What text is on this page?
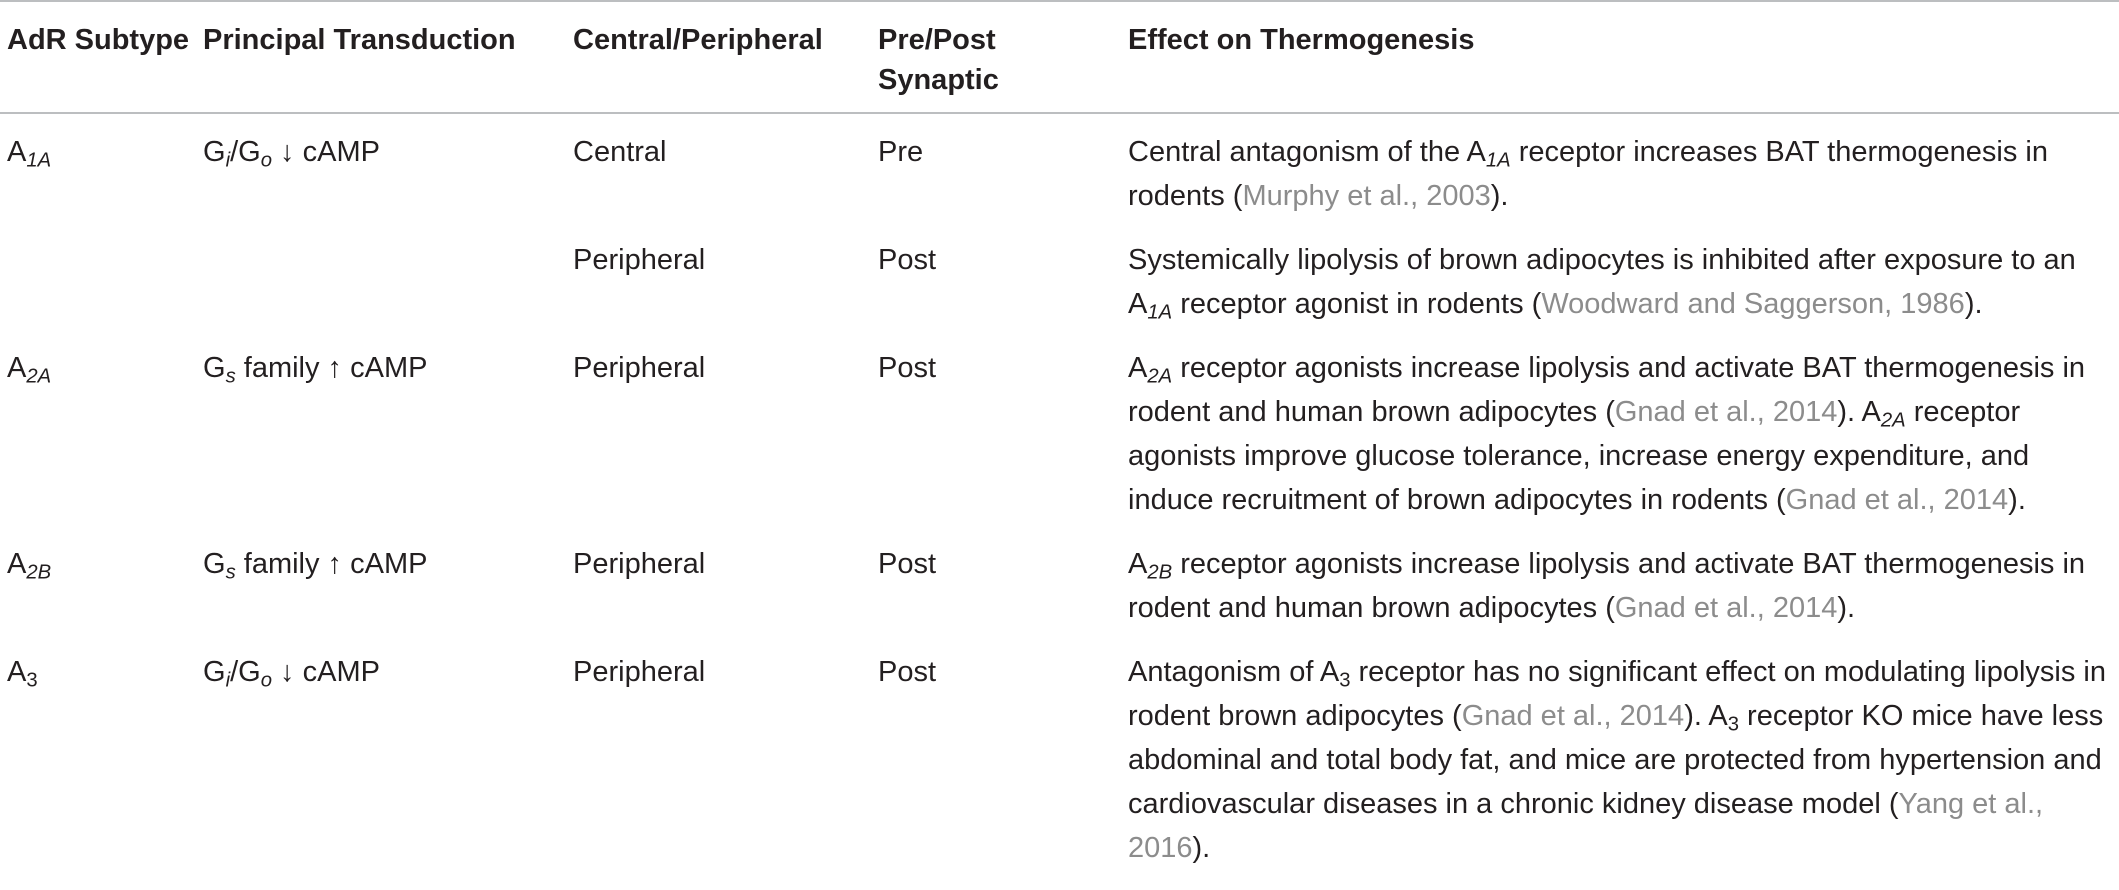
AdR Subtype	Principal Transduction	Central/Peripheral	Pre/Post Synaptic	Effect on Thermogenesis
$A_{1A}$	$G_i/G_o$ ↓ cAMP	Central	Pre	Central antagonism of the $A_{1A}$ receptor increases BAT thermogenesis in rodents (Murphy et al., 2003).
		Peripheral	Post	Systemically lipolysis of brown adipocytes is inhibited after exposure to an $A_{1A}$ receptor agonist in rodents (Woodward and Saggerson, 1986).
$A_{2A}$	$G_s$ family ↑ cAMP	Peripheral	Post	$A_{2A}$ receptor agonists increase lipolysis and activate BAT thermogenesis in rodent and human brown adipocytes (Gnad et al., 2014). $A_{2A}$ receptor agonists improve glucose tolerance, increase energy expenditure, and induce recruitment of brown adipocytes in rodents (Gnad et al., 2014).
$A_{2B}$	$G_s$ family ↑ cAMP	Peripheral	Post	$A_{2B}$ receptor agonists increase lipolysis and activate BAT thermogenesis in rodent and human brown adipocytes (Gnad et al., 2014).
$A_3$	$G_i/G_o$ ↓ cAMP	Peripheral	Post	Antagonism of $A_3$ receptor has no significant effect on modulating lipolysis in rodent brown adipocytes (Gnad et al., 2014). $A_3$ receptor KO mice have less abdominal and total body fat, and mice are protected from hypertension and cardiovascular diseases in a chronic kidney disease model (Yang et al., 2016).
